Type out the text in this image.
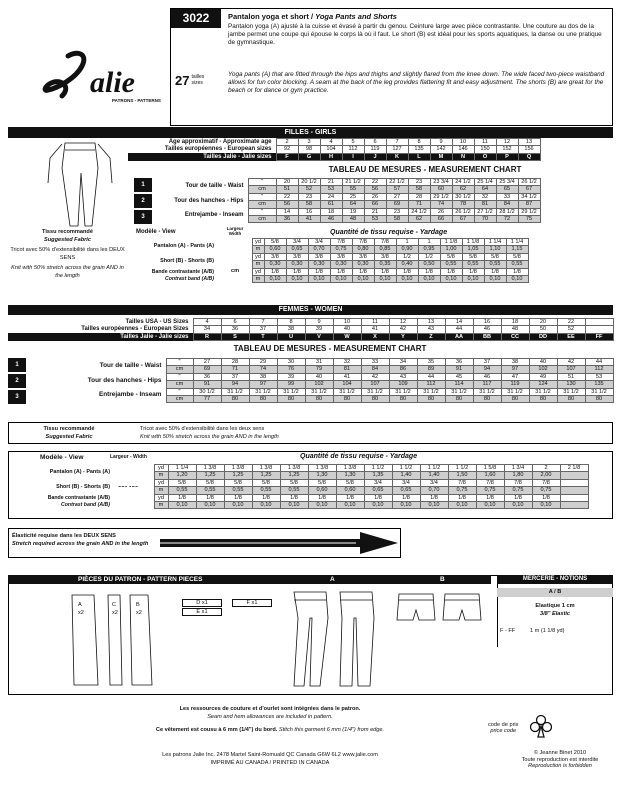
3022	Pantalon yoga et short / Yoga Pants and Shorts
Pantalon yoga (A) ajusté à la cuisse et évasé à partir du genou. Ceinture large avec pièce contrastante. Une couture au dos de la jambe permet une coupe qui épouse le corps là où il faut. Le short (B) est idéal pour les sports aquatiques, la danse ou une pratique de gymnastique.
Yoga pants (A) that are fitted through the hips and thighs and slightly flared from the knee down. The wide faced two-piece waistband allows for fun color blocking. A seam at the back of the leg provides flattering fit and easy adjustment. The shorts (B) are great for the beach or for dance or gym practice.
27 tailles sizes
alie
PATRONS - PATTERNS
FILLES - GIRLS
Âge approximatif - Approximate age	2	3	4	5	6	7	8	9	10	11	12	13
Tailles européennes - European sizes	92	98	104	112	119	127	135	142	146	150	152	156
Tailles Jalie - Jalie sizes	F	G	H	I	J	K	L	M	N	O	P	Q
TABLEAU DE MESURES - MEASUREMENT CHART
1
2
3
Tour de taille - Waist	"	20	20 1/2	21	21 1/2	22	22 1/2	23	23 3/4	24 1/2	25 1/4	25 3/4	26 1/2
	cm	51	52	53	55	56	57	58	60	62	64	65	67
Tour des hanches - Hips	"	22	23	24	25	26	27	28	29 1/2	30 1/2	32	33	34 1/2
	cm	56	58	61	64	66	69	71	74	78	81	84	87
Entrejambe - Inseam	"	14	16	18	19	21	23	24 1/2	26	26 1/2	27 1/2	28 1/2	29 1/2
	cm	36	41	46	48	53	58	62	66	67	70	72	75
Tissu recommandé
Suggested Fabric
Tricot avec 50% d'extensibilité dans les DEUX SENS
Knit with 50% stretch across the grain AND in the length
Modèle - View
Largeur Width	Quantité de tissu requise - Yardage
cm
Pantalon (A) - Pants (A)		yd	5/8	3/4	3/4	7/8	7/8	7/8	1	1	1 1/8	1 1/8	1 1/4	1 1/4
		m	0,60	0,65	0,70	0,75	0,80	0,85	0,90	0,95	1,00	1,05	1,10	1,15
Short (B) - Shorts (B)		yd	3/8	3/8	3/8	3/8	3/8	3/8	1/2	1/2	5/8	5/8	5/8	5/8
		m	0,30	0,30	0,30	0,30	0,30	0,35	0,40	0,50	0,55	0,55	0,55	0,55
Bande contrastante (A/B)		yd	1/8	1/8	1/8	1/8	1/8	1/8	1/8	1/8	1/8	1/8	1/8	1/8
Contrast band (A/B)		m	0,10	0,10	0,10	0,10	0,10	0,10	0,10	0,10	0,10	0,10	0,10	0,10
FEMMES - WOMEN
Tailles USA - US Sizes	4	6	7	8	9	10	11	12	13	14	16	18	20	22	
Tailles européennes - European Sizes	34	36	37	38	39	40	41	42	43	44	46	48	50	52	
Tailles Jalie - Jalie sizes	R	S	T	U	V	W	X	Y	Z	AA	BB	CC	DD	EE	FF
TABLEAU DE MESURES - MEASUREMENT CHART
1
2
3
Tour de taille - Waist	"	27	28	29	30	31	32	33	34	35	36	37	38	40	42	44
	cm	69	71	74	76	79	81	84	86	89	91	94	97	102	107	112
Tour des hanches - Hips	"	36	37	38	39	40	41	42	43	44	45	46	47	49	51	53
	cm	91	94	97	99	102	104	107	109	112	114	117	119	124	130	135
Entrejambe - Inseam	"	30 1/2	31 1/2	31 1/2	31 1/2	31 1/2	31 1/2	31 1/2	31 1/2	31 1/2	31 1/2	31 1/2	31 1/2	31 1/2	31 1/2	31 1/2
	cm	77	80	80	80	80	80	80	80	80	80	80	80	80	80	80
Tissu recommandé
Suggested Fabric
Tricot avec 50% d'extensibilité dans les deux sens
Knit with 50% stretch across the grain AND in the length
Modèle - View	Largeur - Width	Quantité de tissu requise - Yardage
Pantalon (A) - Pants (A)		yd	1 1/4	1 3/8	1 3/8	1 3/8	1 3/8	1 3/8	1 3/8	1 1/2	1 1/2	1 1/2	1 1/2	1 5/8	1 3/4	2	2 1/8
		m	1,20	1,25	1,25	1,25	1,25	1,30	1,30	1,35	1,40	1,40	1,50	1,60	1,80	2,00	
Short (B) - Shorts (B)		yd	5/8	5/8	5/8	5/8	5/8	5/8	5/8	3/4	3/4	3/4	7/8	7/8	7/8	7/8	
		m	0,55	0,55	0,55	0,55	0,55	0,60	0,60	0,65	0,65	0,70	0,75	0,75	0,75	0,75	
Bande contrastante (A/B)		yd	1/8	1/8	1/8	1/8	1/8	1/8	1/8	1/8	1/8	1/8	1/8	1/8	1/8	1/8	
Contrast band (A/B)		m	0,10	0,10	0,10	0,10	0,10	0,10	0,10	0,10	0,10	0,10	0,10	0,10	0,10	0,10	
Élasticité requise dans les DEUX SENS
Stretch required across the grain AND in the length
PIÈCES DU PATRON - PATTERN PIECES	A	B
A
x2
C
x2
B
x2
D x1
E x1
F x1
MERCERIE - NOTIONS
A / B
Elastique 1 cm
3/8" Elastic
F - FF	1 m (1 1/8 yd)
Les ressources de couture et d'ourlet sont intégrées dans le patron.
Seam and hem allowances are included in pattern.
Ce vêtement est cousu à 6 mm (1/4") du bord. Stitch this garment 6 mm (1/4") from edge.
Les patrons Jalie Inc. 2478 Martel Saint-Romuald QC Canada G6W 6L2 www.jalie.com
IMPRIMÉ AU CANADA / PRINTED IN CANADA
code de prix
price code
© Jeanne Binet 2010
Toute reproduction est interdite
Reproduction is forbidden
